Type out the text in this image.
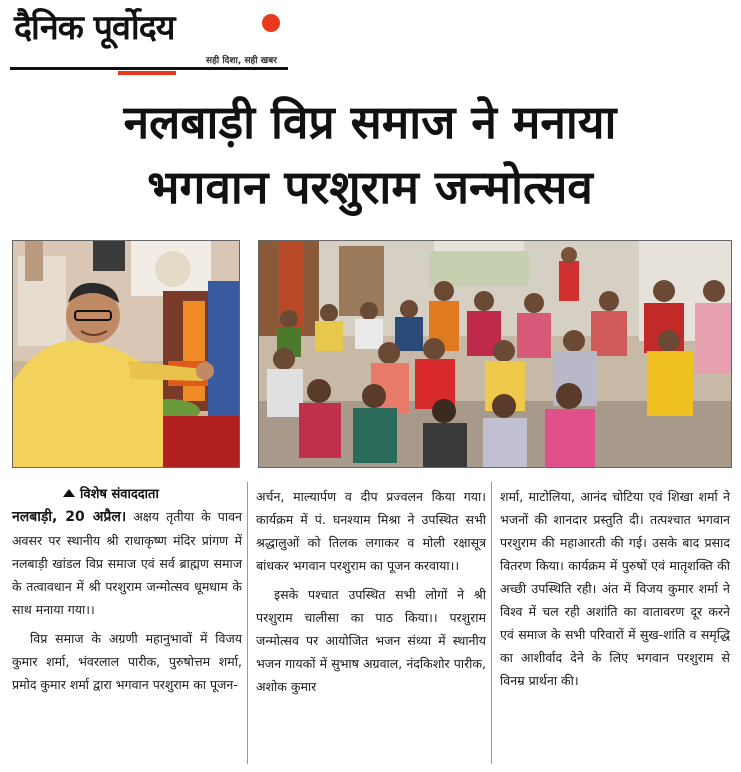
दैनिक पूर्वोदय
सही दिशा, सही खबर
नलबाड़ी विप्र समाज ने मनाया
भगवान परशुराम जन्मोत्सव
विशेष संवाददाता

नलबाड़ी, 20 अप्रैल। अक्षय तृतीया के पावन अवसर पर स्थानीय श्री राधाकृष्ण मंदिर प्रांगण में नलबाड़ी खांडल विप्र समाज एवं सर्व ब्राह्मण समाज के तत्वावधान में श्री परशुराम जन्मोत्सव धूमधाम के साथ मनाया गया।।

विप्र समाज के अग्रणी महानुभावों में विजय कुमार शर्मा, भंवरलाल पारीक, पुरुषोत्तम शर्मा, प्रमोद कुमार शर्मा द्वारा भगवान परशुराम का पूजन-

अर्चन, माल्यार्पण व दीप प्रज्वलन किया गया। कार्यक्रम में पं. घनश्याम मिश्रा ने उपस्थित सभी श्रद्धालुओं को तिलक लगाकर व मोली रक्षासूत्र बांधकर भगवान परशुराम का पूजन करवाया।।

इसके पश्चात उपस्थित सभी लोगों ने श्री परशुराम चालीसा का पाठ किया।। परशुराम जन्मोत्सव पर आयोजित भजन संध्या में स्थानीय भजन गायकों में सुभाष अग्रवाल, नंदकिशोर पारीक, अशोक कुमार

शर्मा, माटोलिया, आनंद चोटिया एवं शिखा शर्मा ने भजनों की शानदार प्रस्तुति दी। तत्पश्चात भगवान परशुराम की महाआरती की गई। उसके बाद प्रसाद वितरण किया। कार्यक्रम में पुरुषों एवं मातृशक्ति की अच्छी उपस्थिति रही। अंत में विजय कुमार शर्मा ने विश्व में चल रही अशांति का वातावरण दूर करने एवं समाज के सभी परिवारों में सुख-शांति व समृद्धि का आशीर्वाद देने के लिए भगवान परशुराम से विनम्र प्रार्थना की।
